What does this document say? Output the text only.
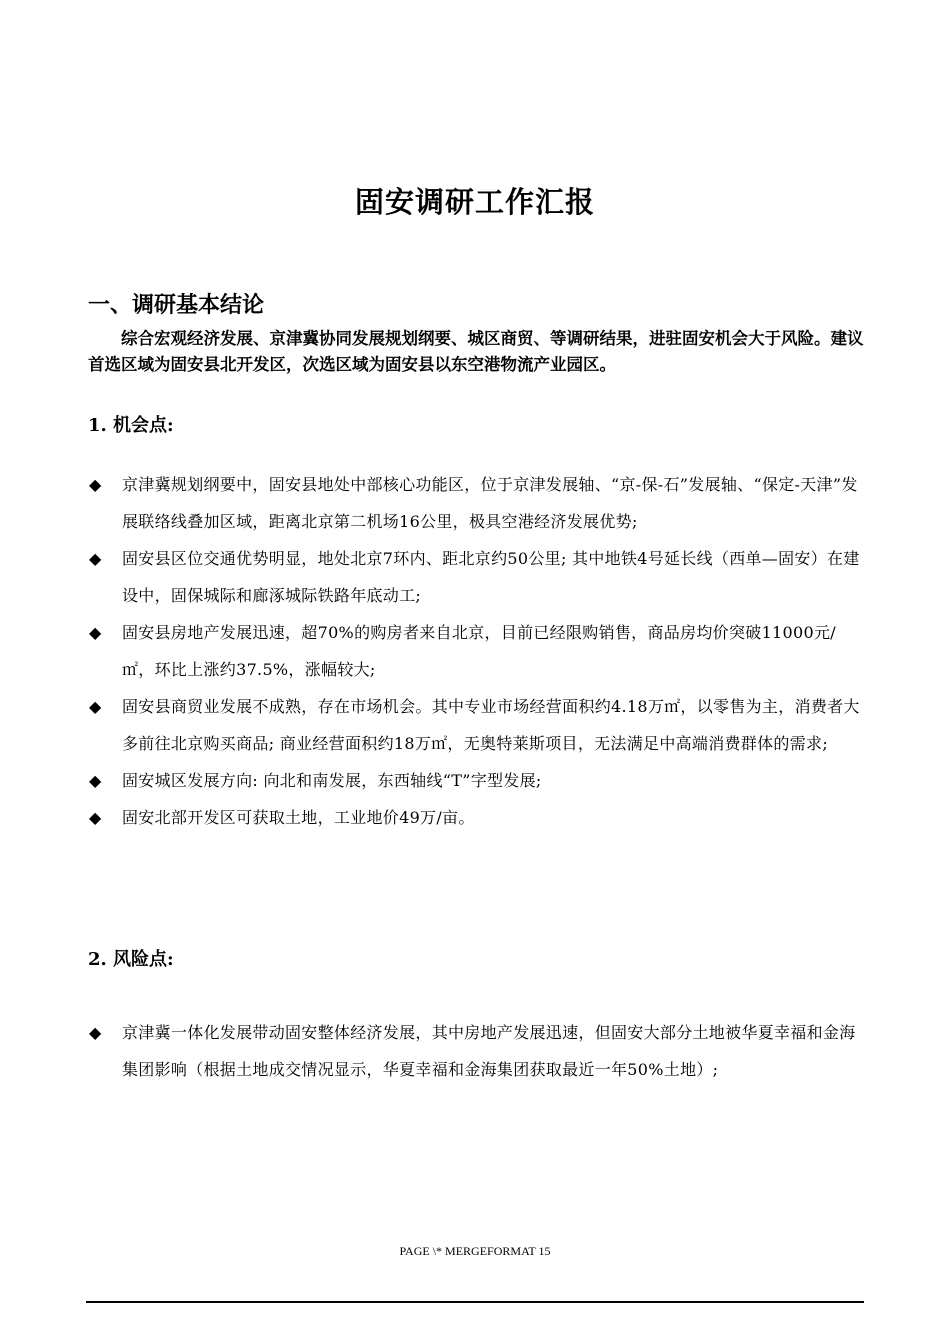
固安调研工作汇报
一、调研基本结论
综合宏观经济发展、京津冀协同发展规划纲要、城区商贸、等调研结果，进驻固安机会大于风险。建议首选区域为固安县北开发区，次选区域为固安县以东空港物流产业园区。
1. 机会点:
◆ 京津冀规划纲要中，固安县地处中部核心功能区，位于京津发展轴、“京-保-石”发展轴、“保定-天津”发展联络线叠加区域，距离北京第二机场16公里，极具空港经济发展优势;
◆ 固安县区位交通优势明显，地处北京7环内、距北京约50公里; 其中地铁4号延长线（西单—固安）在建设中，固保城际和廊涿城际铁路年底动工;
◆ 固安县房地产发展迅速，超70%的购房者来自北京，目前已经限购销售，商品房均价突破11000元/㎡，环比上涨约37.5%，涨幅较大;
◆ 固安县商贸业发展不成熟，存在市场机会。其中专业市场经营面积约4.18万㎡，以零售为主，消费者大多前往北京购买商品; 商业经营面积约18万㎡，无奥特莱斯项目，无法满足中高端消费群体的需求;
◆ 固安城区发展方向: 向北和南发展，东西轴线“T”字型发展;
◆ 固安北部开发区可获取土地，工业地价49万/亩。
2. 风险点:
◆ 京津冀一体化发展带动固安整体经济发展，其中房地产发展迅速，但固安大部分土地被华夏幸福和金海集团影响（根据土地成交情况显示，华夏幸福和金海集团获取最近一年50%土地）;
PAGE \* MERGEFORMAT 15
